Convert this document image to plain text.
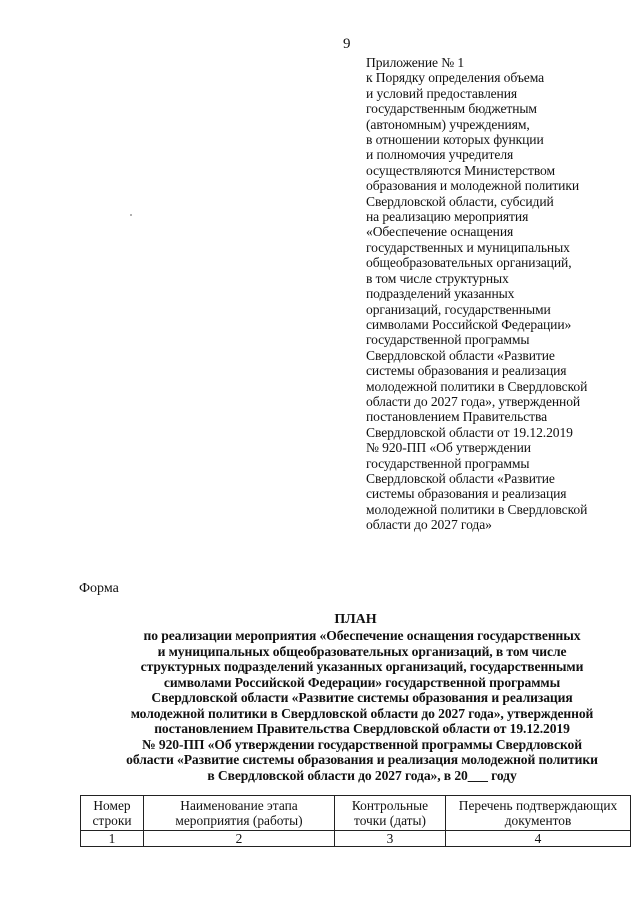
9
Приложение № 1
к Порядку определения объема
и условий предоставления
государственным бюджетным
(автономным) учреждениям,
в отношении которых функции
и полномочия учредителя
осуществляются Министерством
образования и молодежной политики
Свердловской области, субсидий
на реализацию мероприятия
«Обеспечение оснащения
государственных и муниципальных
общеобразовательных организаций,
в том числе структурных
подразделений указанных
организаций, государственными
символами Российской Федерации»
государственной программы
Свердловской области «Развитие
системы образования и реализация
молодежной политики в Свердловской
области до 2027 года», утвержденной
постановлением Правительства
Свердловской области от 19.12.2019
№ 920-ПП «Об утверждении
государственной программы
Свердловской области «Развитие
системы образования и реализация
молодежной политики в Свердловской
области до 2027 года»
Форма
ПЛАН
по реализации мероприятия «Обеспечение оснащения государственных
и муниципальных общеобразовательных организаций, в том числе
структурных подразделений указанных организаций, государственными
символами Российской Федерации» государственной программы
Свердловской области «Развитие системы образования и реализация
молодежной политики в Свердловской области до 2027 года», утвержденной
постановлением Правительства Свердловской области от 19.12.2019
№ 920-ПП «Об утверждении государственной программы Свердловской
области «Развитие системы образования и реализация молодежной политики
в Свердловской области до 2027 года», в 20___ году
Номер строки	Наименование этапа мероприятия (работы)	Контрольные точки (даты)	Перечень подтверждающих документов
1	2	3	4
